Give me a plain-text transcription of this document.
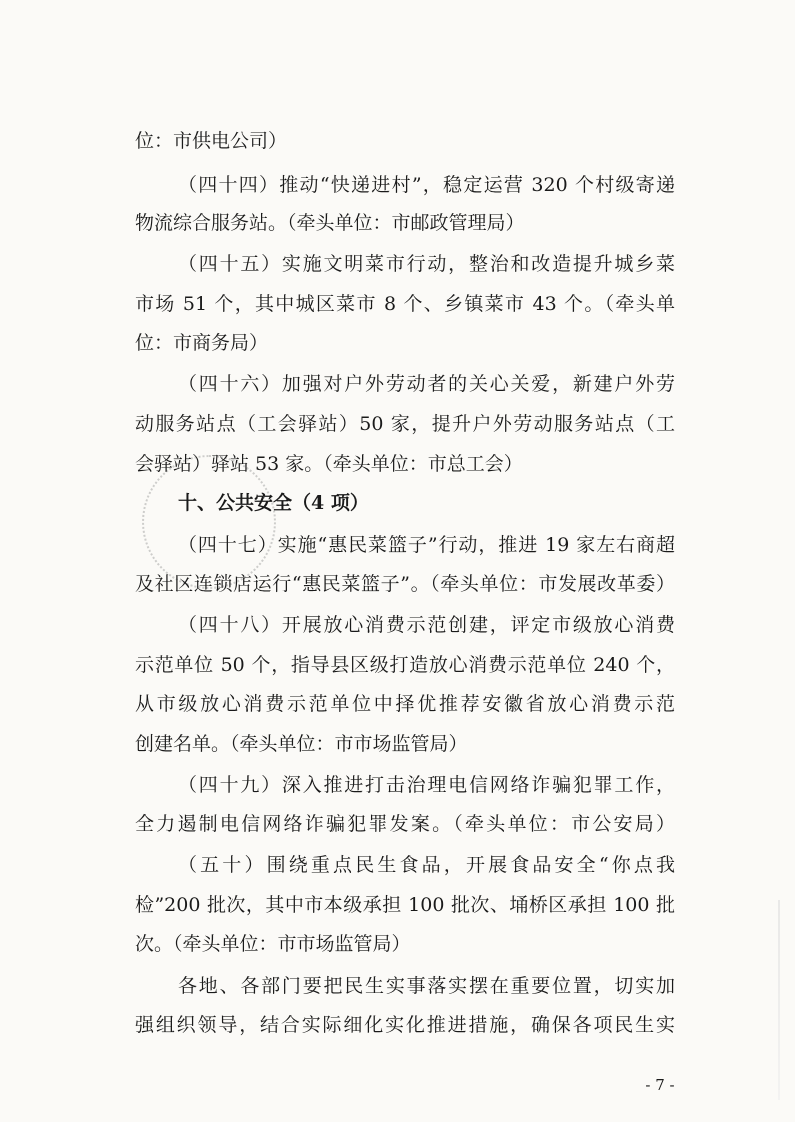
位：市供电公司）
（四十四）推动“快递进村”，稳定运营 320 个村级寄递
物流综合服务站。（牵头单位：市邮政管理局）
（四十五）实施文明菜市行动，整治和改造提升城乡菜
市场 51 个，其中城区菜市 8 个、乡镇菜市 43 个。（牵头单
位：市商务局）
（四十六）加强对户外劳动者的关心关爱，新建户外劳
动服务站点（工会驿站）50 家，提升户外劳动服务站点（工
会驿站）驿站 53 家。（牵头单位：市总工会）
十、公共安全（4 项）
（四十七）实施“惠民菜篮子”行动，推进 19 家左右商超
及社区连锁店运行“惠民菜篮子”。（牵头单位：市发展改革委）
（四十八）开展放心消费示范创建，评定市级放心消费
示范单位 50 个，指导县区级打造放心消费示范单位 240 个，
从市级放心消费示范单位中择优推荐安徽省放心消费示范
创建名单。（牵头单位：市市场监管局）
（四十九）深入推进打击治理电信网络诈骗犯罪工作，
全力遏制电信网络诈骗犯罪发案。（牵头单位：市公安局）
（五十）围绕重点民生食品，开展食品安全“你点我
检”200 批次，其中市本级承担 100 批次、埇桥区承担 100 批
次。（牵头单位：市市场监管局）
各地、各部门要把民生实事落实摆在重要位置，切实加
强组织领导，结合实际细化实化推进措施，确保各项民生实
- 7 -
